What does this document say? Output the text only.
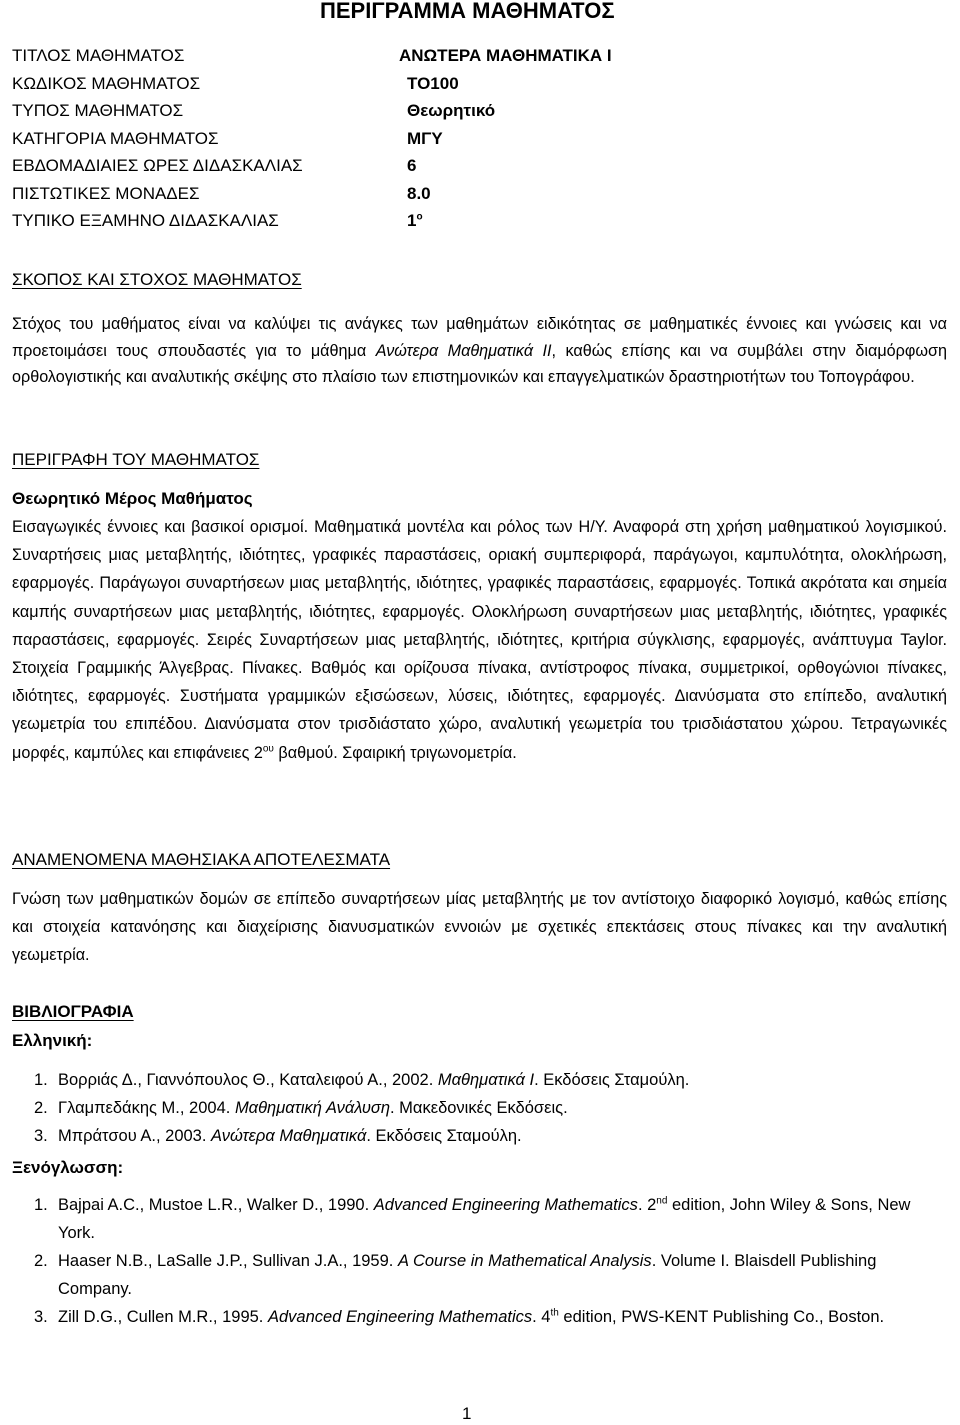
ΠΕΡΙΓΡΑΜΜΑ ΜΑΘΗΜΑΤΟΣ
ΤΙΤΛΟΣ ΜΑΘΗΜΑΤΟΣ	ΑΝΩΤΕΡΑ ΜΑΘΗΜΑΤΙΚΑ Ι
ΚΩΔΙΚΟΣ ΜΑΘΗΜΑΤΟΣ	ΤΟ100
ΤΥΠΟΣ ΜΑΘΗΜΑΤΟΣ	Θεωρητικό
ΚΑΤΗΓΟΡΙΑ ΜΑΘΗΜΑΤΟΣ	ΜΓΥ
ΕΒΔΟΜΑΔΙΑΙΕΣ ΩΡΕΣ ΔΙΔΑΣΚΑΛΙΑΣ	6
ΠΙΣΤΩΤΙΚΕΣ ΜΟΝΑΔΕΣ	8.0
ΤΥΠΙΚΟ ΕΞΑΜΗΝΟ ΔΙΔΑΣΚΑΛΙΑΣ	$1^o$
ΣΚΟΠΟΣ ΚΑΙ ΣΤΟΧΟΣ ΜΑΘΗΜΑΤΟΣ
Στόχος του μαθήματος είναι να καλύψει τις ανάγκες των μαθημάτων ειδικότητας σε μαθηματικές έννοιες και γνώσεις και να προετοιμάσει τους σπουδαστές για το μάθημα Ανώτερα Μαθηματικά ΙΙ, καθώς επίσης και να συμβάλει στην διαμόρφωση ορθολογιστικής και αναλυτικής σκέψης στο πλαίσιο των επιστημονικών και επαγγελματικών δραστηριοτήτων του Τοπογράφου.
ΠΕΡΙΓΡΑΦΗ ΤΟΥ ΜΑΘΗΜΑΤΟΣ
Θεωρητικό Μέρος Μαθήματος
Εισαγωγικές έννοιες και βασικοί ορισμοί. Μαθηματικά μοντέλα και ρόλος των Η/Υ. Αναφορά στη χρήση μαθηματικού λογισμικού. Συναρτήσεις μιας μεταβλητής, ιδιότητες, γραφικές παραστάσεις, οριακή συμπεριφορά, παράγωγοι, καμπυλότητα, ολοκλήρωση, εφαρμογές. Παράγωγοι συναρτήσεων μιας μεταβλητής, ιδιότητες, γραφικές παραστάσεις, εφαρμογές. Τοπικά ακρότατα και σημεία καμπής συναρτήσεων μιας μεταβλητής, ιδιότητες, εφαρμογές. Ολοκλήρωση συναρτήσεων μιας μεταβλητής, ιδιότητες, γραφικές παραστάσεις, εφαρμογές. Σειρές Συναρτήσεων μιας μεταβλητής, ιδιότητες, κριτήρια σύγκλισης, εφαρμογές, ανάπτυγμα Taylor. Στοιχεία Γραμμικής Άλγεβρας. Πίνακες. Βαθμός και ορίζουσα πίνακα, αντίστροφος πίνακα, συμμετρικοί, ορθογώνιοι πίνακες, ιδιότητες, εφαρμογές. Συστήματα γραμμικών εξισώσεων, λύσεις, ιδιότητες, εφαρμογές. Διανύσματα στο επίπεδο, αναλυτική γεωμετρία του επιπέδου. Διανύσματα στον τρισδιάστατο χώρο, αναλυτική γεωμετρία του τρισδιάστατου χώρου. Τετραγωνικές μορφές, καμπύλες και επιφάνειες $2^{o\upsilon}$ βαθμού. Σφαιρική τριγωνομετρία.
ΑΝΑΜΕΝΟΜΕΝΑ ΜΑΘΗΣΙΑΚΑ ΑΠΟΤΕΛΕΣΜΑΤΑ
Γνώση των μαθηματικών δομών σε επίπεδο συναρτήσεων μίας μεταβλητής με τον αντίστοιχο διαφορικό λογισμό, καθώς επίσης και στοιχεία κατανόησης και διαχείρισης διανυσματικών εννοιών με σχετικές επεκτάσεις στους πίνακες και την αναλυτική γεωμετρία.
ΒΙΒΛΙΟΓΡΑΦΙΑ
Ελληνική:
1. Βορριάς Δ., Γιαννόπουλος Θ., Καταλειφού Α., 2002. Μαθηματικά Ι. Εκδόσεις Σταμούλη.
2. Γλαμπεδάκης Μ., 2004. Μαθηματική Ανάλυση. Μακεδονικές Εκδόσεις.
3. Μπράτσου Α., 2003. Ανώτερα Μαθηματικά. Εκδόσεις Σταμούλη.
Ξενόγλωσση:
1. Bajpai A.C., Mustoe L.R., Walker D., 1990. Advanced Engineering Mathematics. 2nd edition, John Wiley & Sons, New York.
2. Haaser N.B., LaSalle J.P., Sullivan J.A., 1959. A Course in Mathematical Analysis. Volume I. Blaisdell Publishing Company.
3. Zill D.G., Cullen M.R., 1995. Advanced Engineering Mathematics. 4th edition, PWS-KENT Publishing Co., Boston.
1
